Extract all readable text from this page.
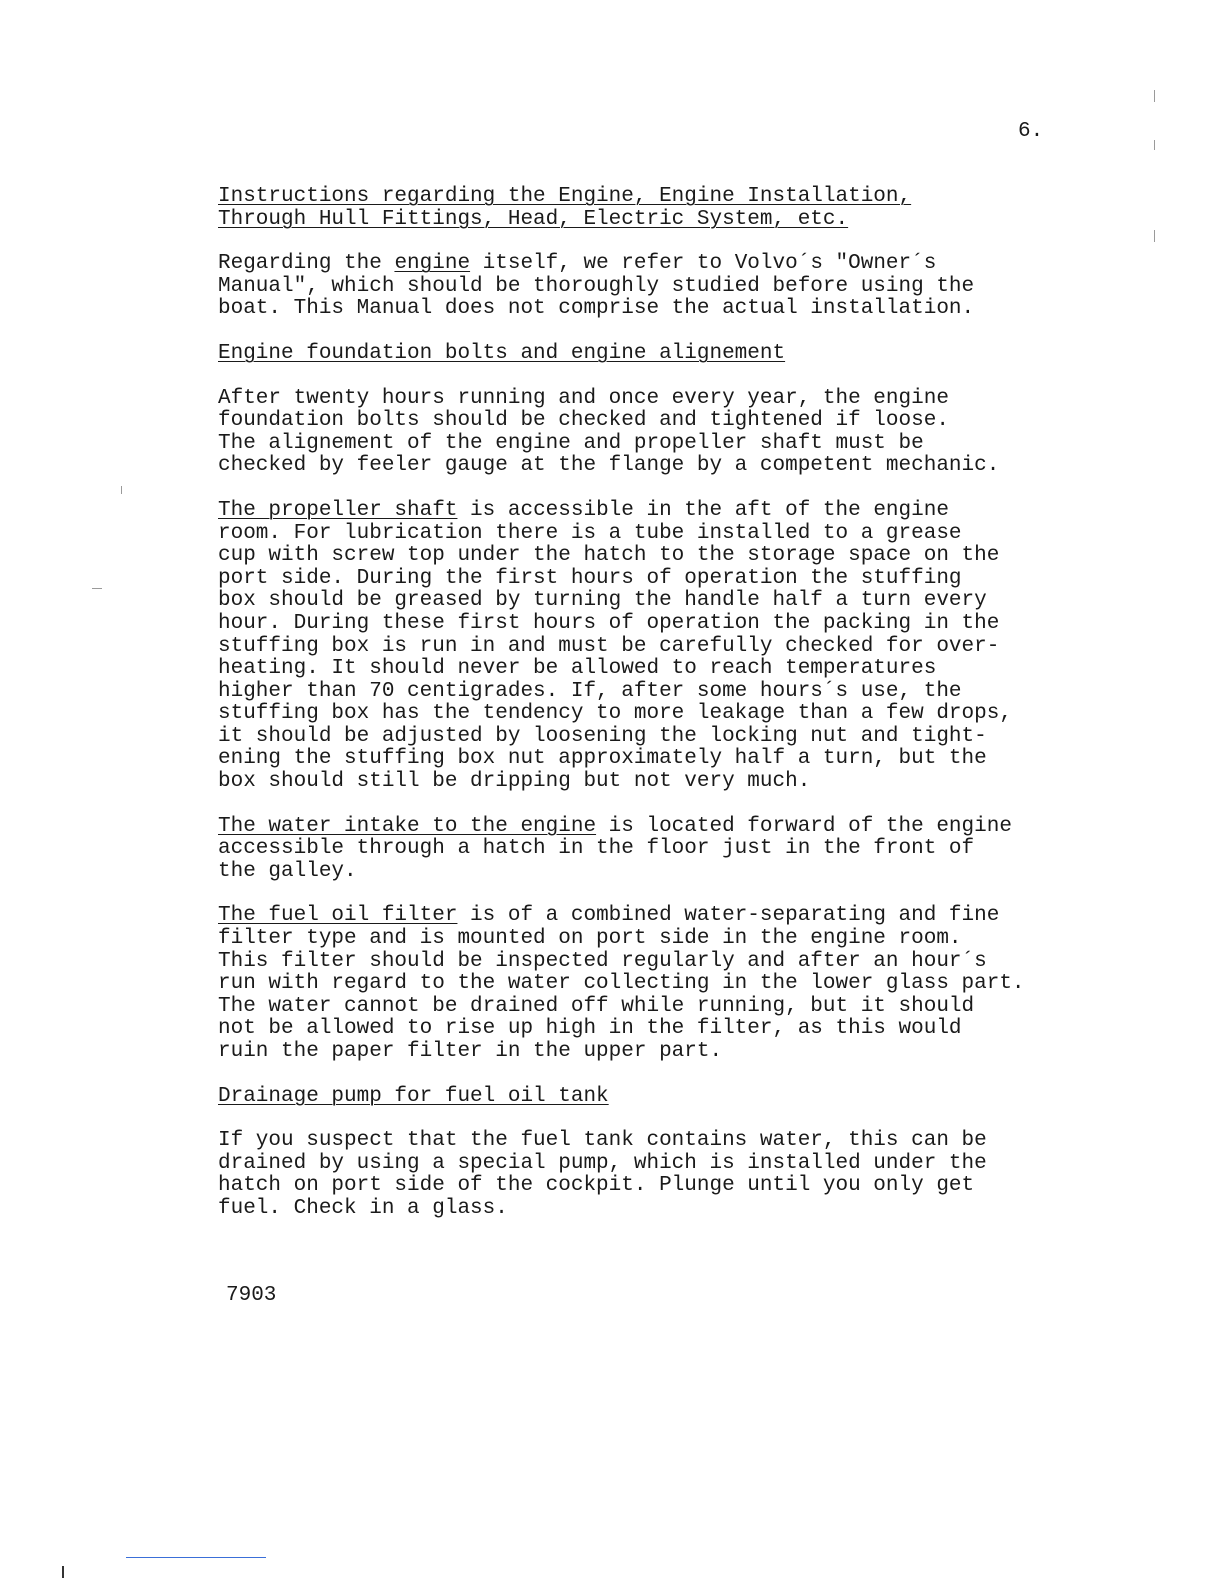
6.

Instructions regarding the Engine, Engine Installation,

Through Hull Fittings, Head, Electric System, etc.

Regarding the engine itself, we refer to Volvo´s "Owner´s

Manual", which should be thoroughly studied before using the

boat. This Manual does not comprise the actual installation.

Engine foundation bolts and engine alignement

After twenty hours running and once every year, the engine

foundation bolts should be checked and tightened if loose.

The alignement of the engine and propeller shaft must be

checked by feeler gauge at the flange by a competent mechanic.

The propeller shaft is accessible in the aft of the engine

room. For lubrication there is a tube installed to a grease

cup with screw top under the hatch to the storage space on the

port side. During the first hours of operation the stuffing

box should be greased by turning the handle half a turn every

hour. During these first hours of operation the packing in the

stuffing box is run in and must be carefully checked for over-

heating. It should never be allowed to reach temperatures

higher than 70 centigrades. If, after some hours´s use, the

stuffing box has the tendency to more leakage than a few drops,

it should be adjusted by loosening the locking nut and tight-

ening the stuffing box nut approximately half a turn, but the

box should still be dripping but not very much.

The water intake to the engine is located forward of the engine

accessible through a hatch in the floor just in the front of

the galley.

The fuel oil filter is of a combined water-separating and fine

filter type and is mounted on port side in the engine room.

This filter should be inspected regularly and after an hour´s

run with regard to the water collecting in the lower glass part.

The water cannot be drained off while running, but it should

not be allowed to rise up high in the filter, as this would

ruin the paper filter in the upper part.

Drainage pump for fuel oil tank

If you suspect that the fuel tank contains water, this can be

drained by using a special pump, which is installed under the

hatch on port side of the cockpit. Plunge until you only get

fuel. Check in a glass.

7903
